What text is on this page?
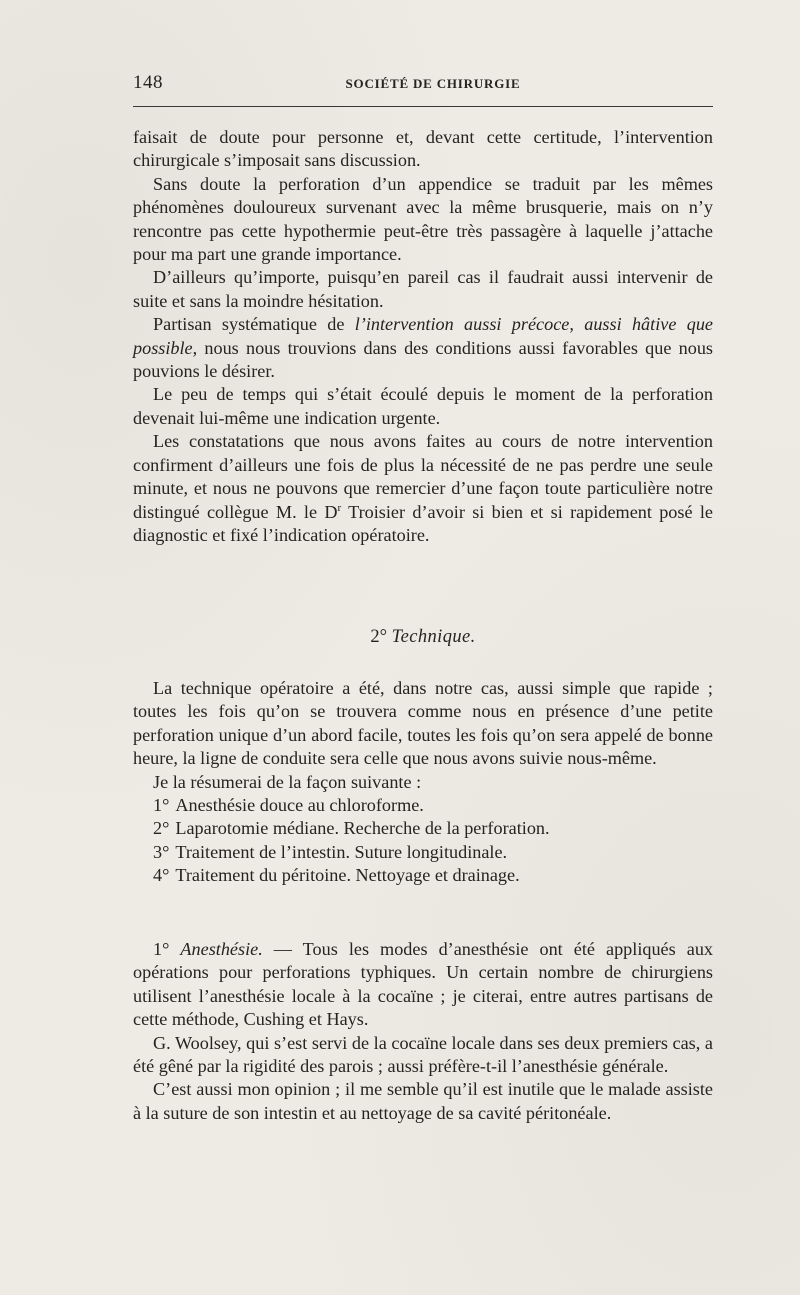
148	SOCIÉTÉ DE CHIRURGIE

faisait de doute pour personne et, devant cette certitude, l’intervention chirurgicale s’imposait sans discussion.

Sans doute la perforation d’un appendice se traduit par les mêmes phénomènes douloureux survenant avec la même brusquerie, mais on n’y rencontre pas cette hypothermie peut-être très passagère à laquelle j’attache pour ma part une grande importance.

D’ailleurs qu’importe, puisqu’en pareil cas il faudrait aussi intervenir de suite et sans la moindre hésitation.

Partisan systématique de l’intervention aussi précoce, aussi hâtive que possible, nous nous trouvions dans des conditions aussi favorables que nous pouvions le désirer.

Le peu de temps qui s’était écoulé depuis le moment de la perforation devenait lui-même une indication urgente.

Les constatations que nous avons faites au cours de notre intervention confirment d’ailleurs une fois de plus la nécessité de ne pas perdre une seule minute, et nous ne pouvons que remercier d’une façon toute particulière notre distingué collègue M. le $D^r$ Troisier d’avoir si bien et si rapidement posé le diagnostic et fixé l’indication opératoire.

2° Technique.

La technique opératoire a été, dans notre cas, aussi simple que rapide ; toutes les fois qu’on se trouvera comme nous en présence d’une petite perforation unique d’un abord facile, toutes les fois qu’on sera appelé de bonne heure, la ligne de conduite sera celle que nous avons suivie nous-même.

Je la résumerai de la façon suivante :

1° Anesthésie douce au chloroforme.
2° Laparotomie médiane. Recherche de la perforation.
3° Traitement de l’intestin. Suture longitudinale.
4° Traitement du péritoine. Nettoyage et drainage.

1° Anesthésie. — Tous les modes d’anesthésie ont été appliqués aux opérations pour perforations typhiques. Un certain nombre de chirurgiens utilisent l’anesthésie locale à la cocaïne ; je citerai, entre autres partisans de cette méthode, Cushing et Hays.

G. Woolsey, qui s’est servi de la cocaïne locale dans ses deux premiers cas, a été gêné par la rigidité des parois ; aussi préfère-t-il l’anesthésie générale.

C’est aussi mon opinion ; il me semble qu’il est inutile que le malade assiste à la suture de son intestin et au nettoyage de sa cavité péritonéale.
